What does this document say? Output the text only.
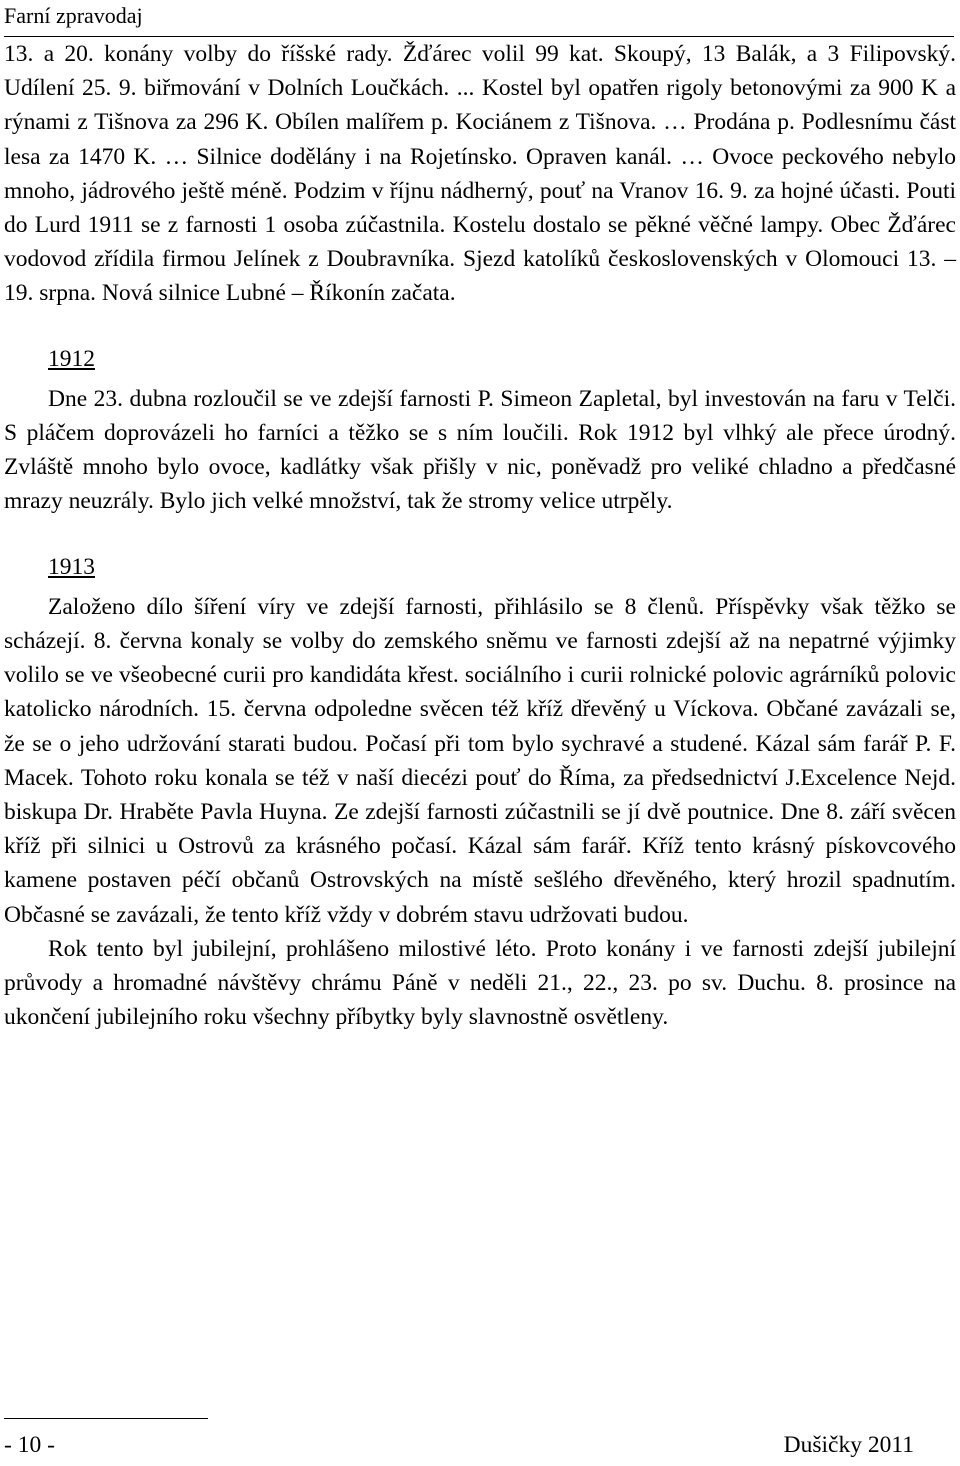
Farní zpravodaj

13. a 20. konány volby do říšské rady. Žďárec volil 99 kat. Skoupý, 13 Balák, a 3 Filipovský. Udílení 25. 9. biřmování v Dolních Loučkách. ... Kostel byl opatřen rigoly betonovými za 900 K a rýnami z Tišnova za 296 K. Obílen malířem p. Kociánem z Tišnova. … Prodána p. Podlesnímu část lesa za 1470 K. … Silnice dodělány i na Rojetínsko. Opraven kanál. … Ovoce peckového nebylo mnoho, jádrového ještě méně. Podzim v říjnu nádherný, pouť na Vranov 16. 9. za hojné účasti. Pouti do Lurd 1911 se z farnosti 1 osoba zúčastnila. Kostelu dostalo se pěkné věčné lampy. Obec Žďárec vodovod zřídila firmou Jelínek z Doubravníka. Sjezd katolíků československých v Olomouci 13. – 19. srpna. Nová silnice Lubné – Říkonín začata.

1912

Dne 23. dubna rozloučil se ve zdejší farnosti P. Simeon Zapletal, byl investován na faru v Telči. S pláčem doprovázeli ho farníci a těžko se s ním loučili. Rok 1912 byl vlhký ale přece úrodný. Zvláště mnoho bylo ovoce, kadlátky však přišly v nic, poněvadž pro veliké chladno a předčasné mrazy neuzrály. Bylo jich velké množství, tak že stromy velice utrpěly.

1913

Založeno dílo šíření víry ve zdejší farnosti, přihlásilo se 8 členů. Příspěvky však těžko se scházejí. 8. června konaly se volby do zemského sněmu ve farnosti zdejší až na nepatrné výjimky volilo se ve všeobecné curii pro kandidáta křest. sociálního i curii rolnické polovic agrárníků polovic katolicko národních. 15. června odpoledne svěcen též kříž dřevěný u Víckova. Občané zavázali se, že se o jeho udržování starati budou. Počasí při tom bylo sychravé a studené. Kázal sám farář P. F. Macek. Tohoto roku konala se též v naší diecézi pouť do Říma, za předsednictví J.Excelence Nejd. biskupa Dr. Hraběte Pavla Huyna. Ze zdejší farnosti zúčastnili se jí dvě poutnice. Dne 8. září svěcen kříž při silnici u Ostrovů za krásného počasí. Kázal sám farář. Kříž tento krásný pískovcového kamene postaven péčí občanů Ostrovských na místě sešlého dřevěného, který hrozil spadnutím. Občasné se zavázali, že tento kříž vždy v dobrém stavu udržovati budou.

Rok tento byl jubilejní, prohlášeno milostivé léto. Proto konány i ve farnosti zdejší jubilejní průvody a hromadné návštěvy chrámu Páně v neděli 21., 22., 23. po sv. Duchu. 8. prosince na ukončení jubilejního roku všechny příbytky byly slavnostně osvětleny.

- 10 -	Dušičky 2011
